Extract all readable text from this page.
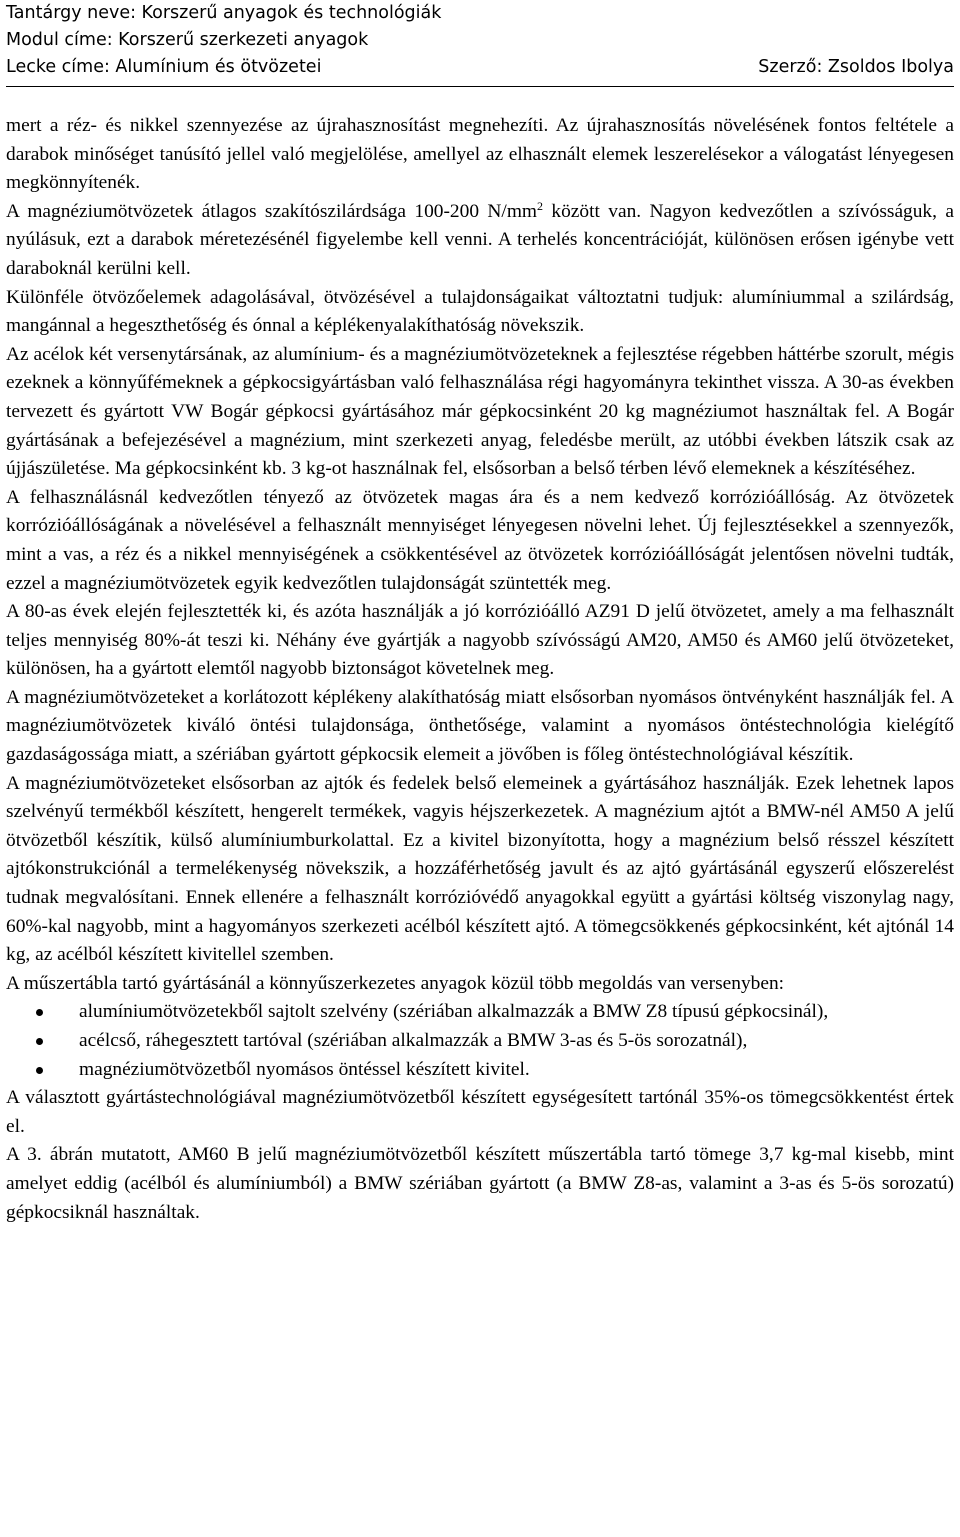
Tantárgy neve: Korszerű anyagok és technológiák
Modul címe: Korszerű szerkezeti anyagok
Lecke címe: Alumínium és ötvözetei	Szerző: Zsoldos Ibolya

mert a réz- és nikkel szennyezése az újrahasznosítást megnehezíti. Az újrahasznosítás növelésének fontos feltétele a darabok minőséget tanúsító jellel való megjelölése, amellyel az elhasznált elemek leszerelésekor a válogatást lényegesen megkönnyítenék.

A magnéziumötvözetek átlagos szakítószilárdsága 100-200 $N/mm^2$ között van. Nagyon kedvezőtlen a szívósságuk, a nyúlásuk, ezt a darabok méretezésénél figyelembe kell venni. A terhelés koncentrációját, különösen erősen igénybe vett daraboknál kerülni kell.

Különféle ötvözőelemek adagolásával, ötvözésével a tulajdonságaikat változtatni tudjuk: alumíniummal a szilárdság, mangánnal a hegeszthetőség és ónnal a képlékenyalakíthatóság növekszik.

Az acélok két versenytársának, az alumínium- és a magnéziumötvözeteknek a fejlesztése régebben háttérbe szorult, mégis ezeknek a könnyűfémeknek a gépkocsigyártásban való felhasználása régi hagyományra tekinthet vissza. A 30-as években tervezett és gyártott VW Bogár gépkocsi gyártásához már gépkocsinként 20 kg magnéziumot használtak fel. A Bogár gyártásának a befejezésével a magnézium, mint szerkezeti anyag, feledésbe merült, az utóbbi években látszik csak az újjászületése. Ma gépkocsinként kb. 3 kg-ot használnak fel, elsősorban a belső térben lévő elemeknek a készítéséhez.

A felhasználásnál kedvezőtlen tényező az ötvözetek magas ára és a nem kedvező korrózióállóság. Az ötvözetek korrózióállóságának a növelésével a felhasznált mennyiséget lényegesen növelni lehet. Új fejlesztésekkel a szennyezők, mint a vas, a réz és a nikkel mennyiségének a csökkentésével az ötvözetek korrózióállóságát jelentősen növelni tudták, ezzel a magnéziumötvözetek egyik kedvezőtlen tulajdonságát szüntették meg.

A 80-as évek elején fejlesztették ki, és azóta használják a jó korrózióálló AZ91 D jelű ötvözetet, amely a ma felhasznált teljes mennyiség 80%-át teszi ki. Néhány éve gyártják a nagyobb szívósságú AM20, AM50 és AM60 jelű ötvözeteket, különösen, ha a gyártott elemtől nagyobb biztonságot követelnek meg.

A magnéziumötvözeteket a korlátozott képlékeny alakíthatóság miatt elsősorban nyomásos öntvényként használják fel. A magnéziumötvözetek kiváló öntési tulajdonsága, önthetősége, valamint a nyomásos öntéstechnológia kielégítő gazdaságossága miatt, a szériában gyártott gépkocsik elemeit a jövőben is főleg öntéstechnológiával készítik.

A magnéziumötvözeteket elsősorban az ajtók és fedelek belső elemeinek a gyártásához használják. Ezek lehetnek lapos szelvényű termékből készített, hengerelt termékek, vagyis héjszerkezetek. A magnézium ajtót a BMW-nél AM50 A jelű ötvözetből készítik, külső alumíniumburkolattal. Ez a kivitel bizonyította, hogy a magnézium belső résszel készített ajtókonstrukciónál a termelékenység növekszik, a hozzáférhetőség javult és az ajtó gyártásánál egyszerű előszerelést tudnak megvalósítani. Ennek ellenére a felhasznált korrózióvédő anyagokkal együtt a gyártási költség viszonylag nagy, 60%-kal nagyobb, mint a hagyományos szerkezeti acélból készített ajtó. A tömegcsökkenés gépkocsinként, két ajtónál 14 kg, az acélból készített kivitellel szemben.

A műszertábla tartó gyártásánál a könnyűszerkezetes anyagok közül több megoldás van versenyben:

alumíniumötvözetekből sajtolt szelvény (szériában alkalmazzák a BMW Z8 típusú gépkocsinál),
acélcső, ráhegesztett tartóval (szériában alkalmazzák a BMW 3-as és 5-ös sorozatnál),
magnéziumötvözetből nyomásos öntéssel készített kivitel.

A választott gyártástechnológiával magnéziumötvözetből készített egységesített tartónál 35%-os tömegcsökkentést értek el.

A 3. ábrán mutatott, AM60 B jelű magnéziumötvözetből készített műszertábla tartó tömege 3,7 kg-mal kisebb, mint amelyet eddig (acélból és alumíniumból) a BMW szériában gyártott (a BMW Z8-as, valamint a 3-as és 5-ös sorozatú) gépkocsiknál használtak.
